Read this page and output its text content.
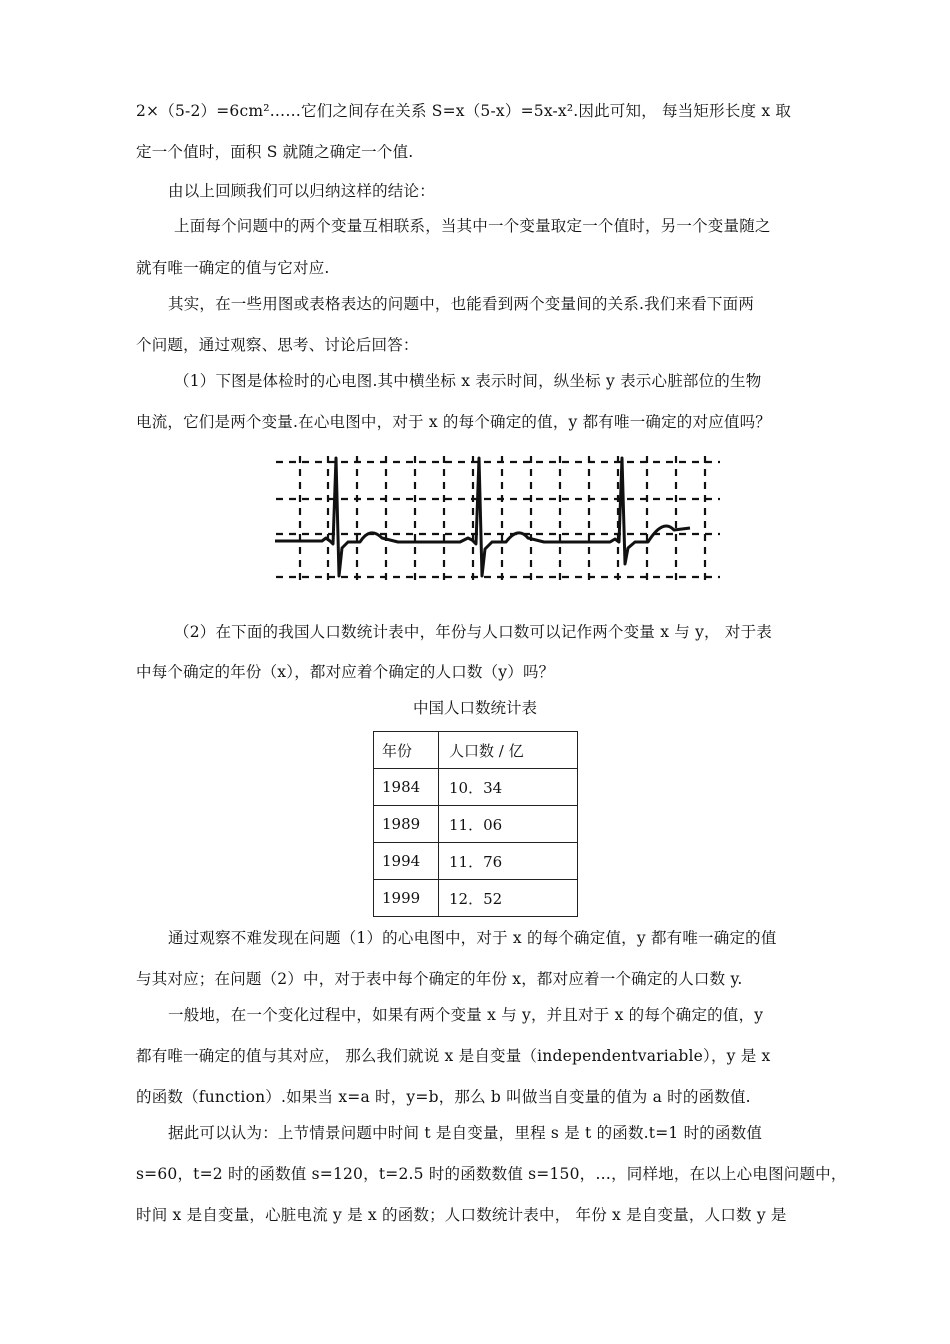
2×（5-2）=6cm²……它们之间存在关系 S=x（5-x）=5x-x².因此可知， 每当矩形长度 x 取
定一个值时，面积 S 就随之确定一个值.
由以上回顾我们可以归纳这样的结论：
上面每个问题中的两个变量互相联系，当其中一个变量取定一个值时，另一个变量随之
就有唯一确定的值与它对应.
其实，在一些用图或表格表达的问题中，也能看到两个变量间的关系.我们来看下面两
个问题，通过观察、思考、讨论后回答：
（1）下图是体检时的心电图.其中横坐标 x 表示时间，纵坐标 y 表示心脏部位的生物
电流，它们是两个变量.在心电图中，对于 x 的每个确定的值，y 都有唯一确定的对应值吗？
（2）在下面的我国人口数统计表中，年份与人口数可以记作两个变量 x 与 y， 对于表
中每个确定的年份（x），都对应着个确定的人口数（y）吗？
中国人口数统计表
年份	人口数 / 亿
1984	10．34
1989	11．06
1994	11．76
1999	12．52
通过观察不难发现在问题（1）的心电图中，对于 x 的每个确定值，y 都有唯一确定的值
与其对应；在问题（2）中，对于表中每个确定的年份 x，都对应着一个确定的人口数 y.
一般地，在一个变化过程中，如果有两个变量 x 与 y，并且对于 x 的每个确定的值，y
都有唯一确定的值与其对应， 那么我们就说 x 是自变量（independentvariable），y 是 x
的函数（function）.如果当 x=a 时，y=b，那么 b 叫做当自变量的值为 a 时的函数值.
据此可以认为：上节情景问题中时间 t 是自变量，里程 s 是 t 的函数.t=1 时的函数值
s=60，t=2 时的函数值 s=120，t=2.5 时的函数数值 s=150，…，同样地，在以上心电图问题中，
时间 x 是自变量，心脏电流 y 是 x 的函数；人口数统计表中， 年份 x 是自变量，人口数 y 是
